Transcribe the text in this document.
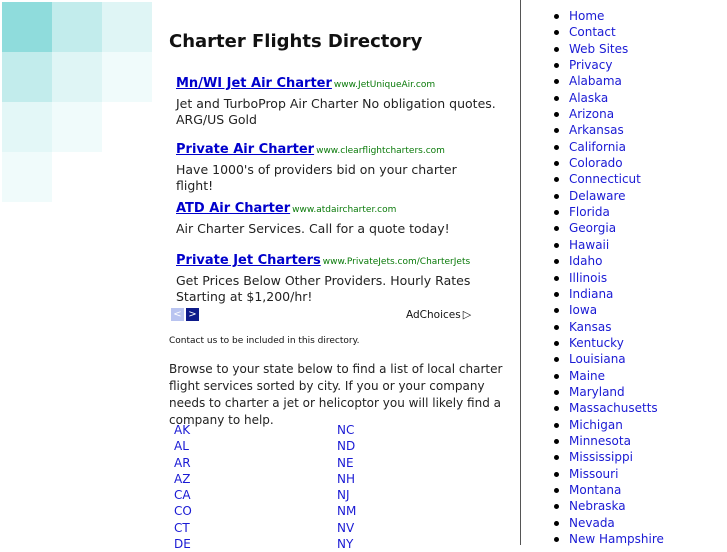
Charter Flights Directory
Mn/WI Jet Air Charter www.JetUniqueAir.com
Jet and TurboProp Air Charter No obligation quotes. ARG/US Gold
Private Air Charter www.clearflightcharters.com
Have 1000's of providers bid on your charter flight!
ATD Air Charter www.atdaircharter.com
Air Charter Services. Call for a quote today!
Private Jet Charters www.PrivateJets.com/CharterJets
Get Prices Below Other Providers. Hourly Rates Starting at $1,200/hr!
< >	AdChoices ▷
Contact us to be included in this directory.

Browse to your state below to find a list of local charter flight services sorted by city. If you or your company needs to charter a jet or helicoptor you will likely find a company to help.

AK
AL
AR
AZ
CA
CO
CT
DE
NC
ND
NE
NH
NJ
NM
NV
NY
Home
Contact
Web Sites
Privacy
Alabama
Alaska
Arizona
Arkansas
California
Colorado
Connecticut
Delaware
Florida
Georgia
Hawaii
Idaho
Illinois
Indiana
Iowa
Kansas
Kentucky
Louisiana
Maine
Maryland
Massachusetts
Michigan
Minnesota
Mississippi
Missouri
Montana
Nebraska
Nevada
New Hampshire
